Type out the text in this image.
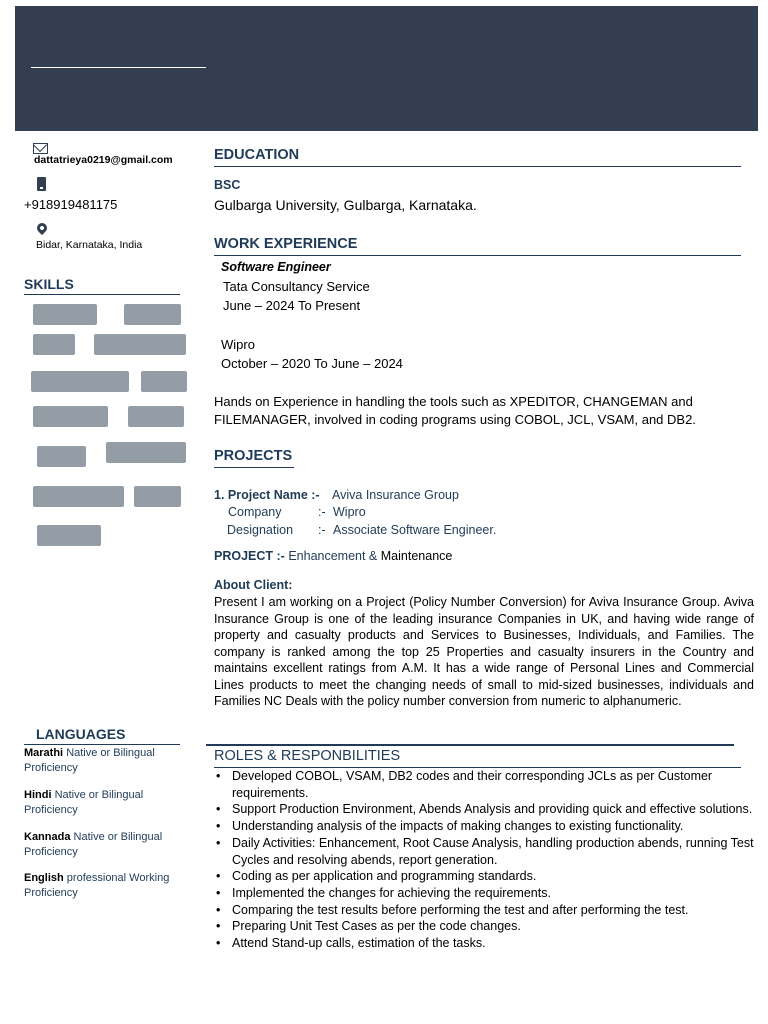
dattatrieya0219@gmail.com
+918919481175
Bidar, Karnataka, India
SKILLS
LANGUAGES
Marathi Native or Bilingual Proficiency
Hindi Native or Bilingual Proficiency
Kannada Native or Bilingual Proficiency
English professional Working Proficiency
EDUCATION
BSC
Gulbarga University, Gulbarga, Karnataka.
WORK EXPERIENCE
Software Engineer
Tata Consultancy Service
June – 2024 To Present
Wipro
October – 2020 To June – 2024
Hands on Experience in handling the tools such as XPEDITOR, CHANGEMAN and FILEMANAGER, involved in coding programs using COBOL, JCL, VSAM, and DB2.
PROJECTS
1. Project Name :- Aviva Insurance Group
Company	:- Wipro
Designation :- Associate Software Engineer.
PROJECT :- Enhancement & Maintenance
About Client:
Present I am working on a Project (Policy Number Conversion) for Aviva Insurance Group. Aviva Insurance Group is one of the leading insurance Companies in UK, and having wide range of property and casualty products and Services to Businesses, Individuals, and Families. The company is ranked among the top 25 Properties and casualty insurers in the Country and maintains excellent ratings from A.M. It has a wide range of Personal Lines and Commercial Lines products to meet the changing needs of small to mid-sized businesses, individuals and Families NC Deals with the policy number conversion from numeric to alphanumeric.
ROLES & RESPONBILITIES
• Developed COBOL, VSAM, DB2 codes and their corresponding JCLs as per Customer requirements.
• Support Production Environment, Abends Analysis and providing quick and effective solutions.
• Understanding analysis of the impacts of making changes to existing functionality.
• Daily Activities: Enhancement, Root Cause Analysis, handling production abends, running Test Cycles and resolving abends, report generation.
• Coding as per application and programming standards.
• Implemented the changes for achieving the requirements.
• Comparing the test results before performing the test and after performing the test.
• Preparing Unit Test Cases as per the code changes.
• Attend Stand-up calls, estimation of the tasks.
